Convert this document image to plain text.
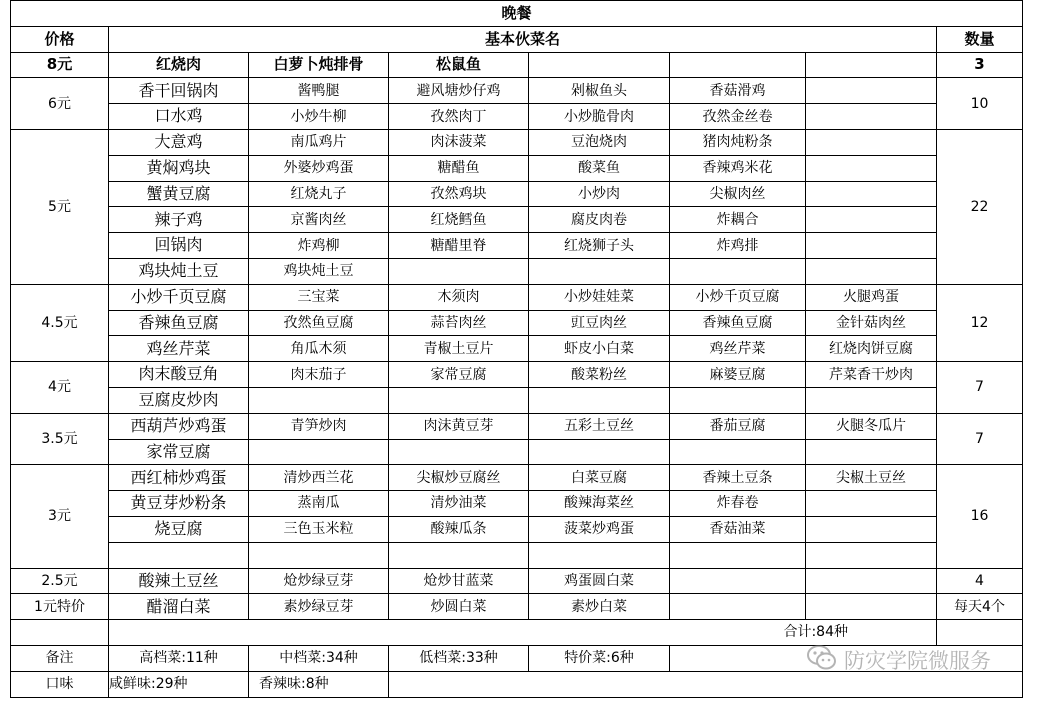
晚餐							
价格	基本伙菜名						数量
8元	红烧肉	白萝卜炖排骨	松鼠鱼				3
6元	香干回锅肉	酱鸭腿	避风塘炒仔鸡	剁椒鱼头	香菇滑鸡		10
	口水鸡	小炒牛柳	孜然肉丁	小炒脆骨肉	孜然金丝卷		
5元	大意鸡	南瓜鸡片	肉沫菠菜	豆泡烧肉	猪肉炖粉条		22
	黄焖鸡块	外婆炒鸡蛋	糖醋鱼	酸菜鱼	香辣鸡米花		
	蟹黄豆腐	红烧丸子	孜然鸡块	小炒肉	尖椒肉丝		
	辣子鸡	京酱肉丝	红烧鳕鱼	腐皮肉卷	炸耦合		
	回锅肉	炸鸡柳	糖醋里脊	红烧狮子头	炸鸡排		
	鸡块炖土豆	鸡块炖土豆					
4.5元	小炒千页豆腐	三宝菜	木须肉	小炒娃娃菜	小炒千页豆腐	火腿鸡蛋	12
	香辣鱼豆腐	孜然鱼豆腐	蒜苔肉丝	豇豆肉丝	香辣鱼豆腐	金针菇肉丝	
	鸡丝芹菜	角瓜木须	青椒土豆片	虾皮小白菜	鸡丝芹菜	红烧肉饼豆腐	
4元	肉末酸豆角	肉末茄子	家常豆腐	酸菜粉丝	麻婆豆腐	芹菜香干炒肉	7
	豆腐皮炒肉						
3.5元	西葫芦炒鸡蛋	青笋炒肉	肉沫黄豆芽	五彩土豆丝	番茄豆腐	火腿冬瓜片	7
	家常豆腐						
3元	西红柿炒鸡蛋	清炒西兰花	尖椒炒豆腐丝	白菜豆腐	香辣土豆条	尖椒土豆丝	16
	黄豆芽炒粉条	蒸南瓜	清炒油菜	酸辣海菜丝	炸春卷		
	烧豆腐	三色玉米粒	酸辣瓜条	菠菜炒鸡蛋	香菇油菜		

2.5元	酸辣土豆丝	炝炒绿豆芽	炝炒甘蓝菜	鸡蛋圆白菜			4
1元特价	醋溜白菜	素炒绿豆芽	炒圆白菜	素炒白菜			每天4个
	合计:84种						
备注	高档菜:11种	中档菜:34种	低档菜:33种	特价菜:6种			
口味	咸鲜味:29种	香辣味:8种					
防灾学院微服务
